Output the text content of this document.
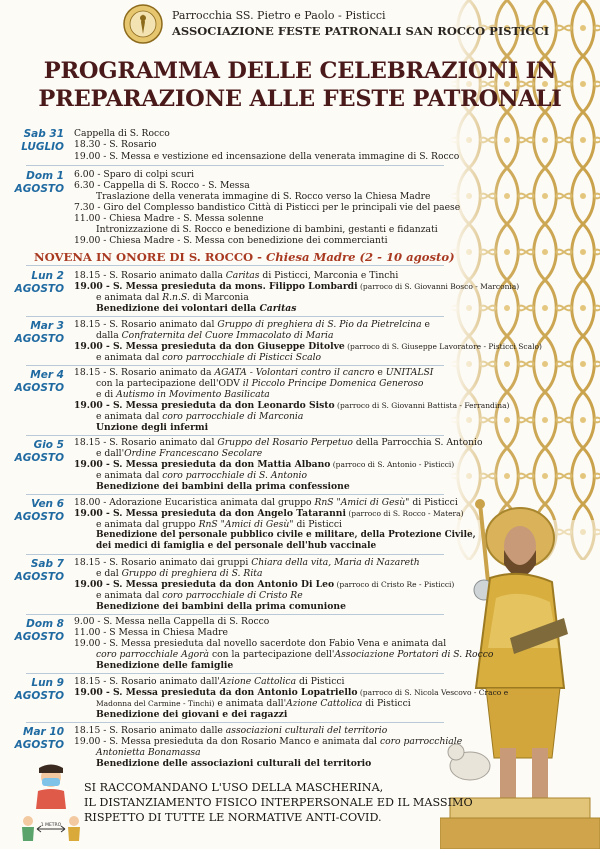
Parrocchia SS. Pietro e Paolo - Pisticci
ASSOCIAZIONE FESTE PATRONALI SAN ROCCO PISTICCI
PROGRAMMA DELLE CELEBRAZIONI IN
PREPARAZIONE ALLE FESTE PATRONALI
Sab 31
LUGLIO
Cappella di S. Rocco
18.30 - S. Rosario
19.00 - S. Messa e vestizione ed incensazione della venerata immagine di S. Rocco
Dom 1
AGOSTO
6.00 - Sparo di colpi scuri
6.30 - Cappella di S. Rocco - S. Messa
Traslazione della venerata immagine di S. Rocco verso la Chiesa Madre
7.30 - Giro del Complesso bandistico Città di Pisticci per le principali vie del paese
11.00 - Chiesa Madre - S. Messa solenne
Intronizzazione di S. Rocco e benedizione di bambini, gestanti e fidanzati
19.00 - Chiesa Madre - S. Messa con benedizione dei commercianti
NOVENA IN ONORE DI S. ROCCO - Chiesa Madre (2 - 10 agosto)
Lun 2
AGOSTO
18.15 - S. Rosario animato dalla Caritas di Pisticci, Marconia e Tinchi
19.00 - S. Messa presieduta da mons. Filippo Lombardi (parroco di S. Giovanni Bosco - Marconia)
e animata dal R.n.S. di Marconia
Benedizione dei volontari della Caritas
Mar 3
AGOSTO
18.15 - S. Rosario animato dal Gruppo di preghiera di S. Pio da Pietrelcina e
dalla Confraternita del Cuore Immacolato di Maria
19.00 - S. Messa presieduta da don Giuseppe Ditolve (parroco di S. Giuseppe Lavoratore - Pisticci Scalo)
e animata dal coro parrocchiale di Pisticci Scalo
Mer 4
AGOSTO
18.15 - S. Rosario animato da AGATA - Volontari contro il cancro e UNITALSI
con la partecipazione dell'ODV il Piccolo Principe Domenica Generoso
e di Autismo in Movimento Basilicata
19.00 - S. Messa presieduta da don Leonardo Sisto (parroco di S. Giovanni Battista - Ferrandina)
e animata dal coro parrocchiale di Marconia
Unzione degli infermi
Gio 5
AGOSTO
18.15 - S. Rosario animato dal Gruppo del Rosario Perpetuo della Parrocchia S. Antonio
e dall'Ordine Francescano Secolare
19.00 - S. Messa presieduta da don Mattia Albano (parroco di S. Antonio - Pisticci)
e animata dal coro parrocchiale di S. Antonio
Benedizione dei bambini della prima confessione
Ven 6
AGOSTO
18.00 - Adorazione Eucaristica animata dal gruppo RnS "Amici di Gesù" di Pisticci
19.00 - S. Messa presieduta da don Angelo Tataranni (parroco di S. Rocco - Matera)
e animata dal gruppo RnS "Amici di Gesù" di Pisticci
Benedizione del personale pubblico civile e militare, della Protezione Civile,
dei medici di famiglia e del personale dell'hub vaccinale
Sab 7
AGOSTO
18.15 - S. Rosario animato dai gruppi Chiara della vita, Maria di Nazareth
e dal Gruppo di preghiera di S. Rita
19.00 - S. Messa presieduta da don Antonio Di Leo (parroco di Cristo Re - Pisticci)
e animata dal coro parrocchiale di Cristo Re
Benedizione dei bambini della prima comunione
Dom 8
AGOSTO
9.00 - S. Messa nella Cappella di S. Rocco
11.00 - S Messa in Chiesa Madre
19.00 - S. Messa presieduta dal novello sacerdote don Fabio Vena e animata dal
coro parrocchiale Agorà con la partecipazione dell'Associazione Portatori di S. Rocco
Benedizione delle famiglie
Lun 9
AGOSTO
18.15 - S. Rosario animato dall'Azione Cattolica di Pisticci
19.00 - S. Messa presieduta da don Antonio Lopatriello (parroco di S. Nicola Vescovo - Craco e
Madonna del Carmine - Tinchi) e animata dall'Azione Cattolica di Pisticci
Benedizione dei giovani e dei ragazzi
Mar 10
AGOSTO
18.15 - S. Rosario animato dalle associazioni culturali del territorio
19.00 - S. Messa presieduta da don Rosario Manco e animata dal coro parrocchiale
Antonietta Bonamassa
Benedizione delle associazioni culturali del territorio
1 METRO
SI RACCOMANDANO L'USO DELLA MASCHERINA,
IL DISTANZIAMENTO FISICO INTERPERSONALE ED IL MASSIMO
RISPETTO DI TUTTE LE NORMATIVE ANTI-COVID.
